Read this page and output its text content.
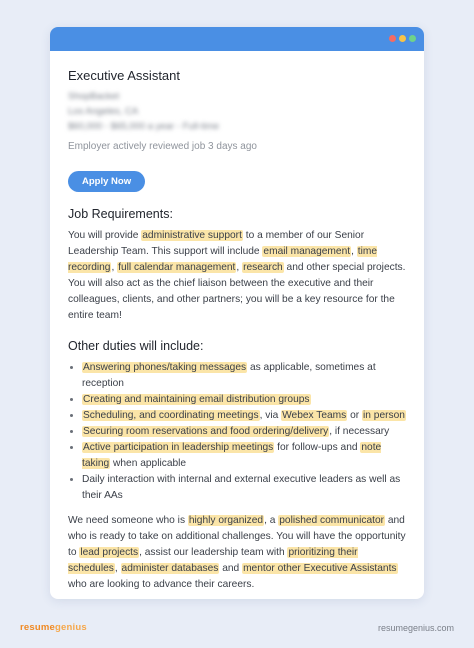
Executive Assistant
ShopBacket
Los Angeles, CA
$60,000 - $65,000 a year - Full-time
Employer actively reviewed job 3 days ago
Apply Now
Job Requirements:

You will provide administrative support to a member of our Senior Leadership Team. This support will include email management, time recording, full calendar management, research and other special projects. You will also act as the chief liaison between the executive and their colleagues, clients, and other partners; you will be a key resource for the entire team!

Other duties will include:
• Answering phones/taking messages as applicable, sometimes at reception
• Creating and maintaining email distribution groups
• Scheduling, and coordinating meetings, via Webex Teams or in person
• Securing room reservations and food ordering/delivery, if necessary
• Active participation in leadership meetings for follow-ups and note taking when applicable
• Daily interaction with internal and external executive leaders as well as their AAs

We need someone who is highly organized, a polished communicator and who is ready to take on additional challenges. You will have the opportunity to lead projects, assist our leadership team with prioritizing their schedules, administer databases and mentor other Executive Assistants who are looking to advance their careers.

resumegenius	resumegenius.com
